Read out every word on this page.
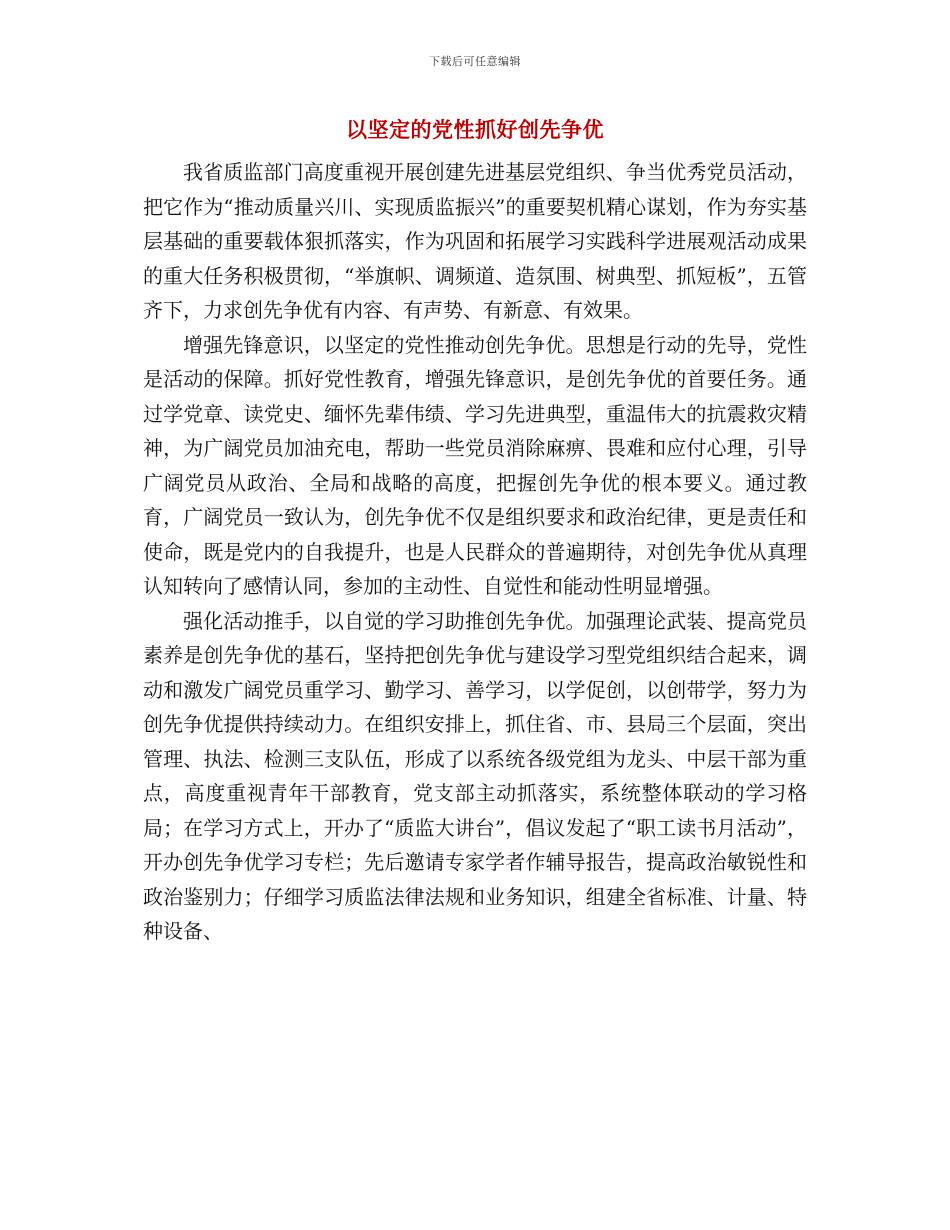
下载后可任意编辑
以坚定的党性抓好创先争优

我省质监部门高度重视开展创建先进基层党组织、争当优秀党员活动，把它作为“推动质量兴川、实现质监振兴”的重要契机精心谋划，作为夯实基层基础的重要载体狠抓落实，作为巩固和拓展学习实践科学进展观活动成果的重大任务积极贯彻，“举旗帜、调频道、造氛围、树典型、抓短板”，五管齐下，力求创先争优有内容、有声势、有新意、有效果。

增强先锋意识，以坚定的党性推动创先争优。思想是行动的先导，党性是活动的保障。抓好党性教育，增强先锋意识，是创先争优的首要任务。通过学党章、读党史、缅怀先辈伟绩、学习先进典型，重温伟大的抗震救灾精神，为广阔党员加油充电，帮助一些党员消除麻痹、畏难和应付心理，引导广阔党员从政治、全局和战略的高度，把握创先争优的根本要义。通过教育，广阔党员一致认为，创先争优不仅是组织要求和政治纪律，更是责任和使命，既是党内的自我提升，也是人民群众的普遍期待，对创先争优从真理认知转向了感情认同，参加的主动性、自觉性和能动性明显增强。

强化活动推手，以自觉的学习助推创先争优。加强理论武装、提高党员素养是创先争优的基石，坚持把创先争优与建设学习型党组织结合起来，调动和激发广阔党员重学习、勤学习、善学习，以学促创，以创带学，努力为创先争优提供持续动力。在组织安排上，抓住省、市、县局三个层面，突出管理、执法、检测三支队伍，形成了以系统各级党组为龙头、中层干部为重点，高度重视青年干部教育，党支部主动抓落实，系统整体联动的学习格局；在学习方式上，开办了“质监大讲台”，倡议发起了“职工读书月活动”，开办创先争优学习专栏；先后邀请专家学者作辅导报告，提高政治敏锐性和政治鉴别力；仔细学习质监法律法规和业务知识，组建全省标准、计量、特种设备、
